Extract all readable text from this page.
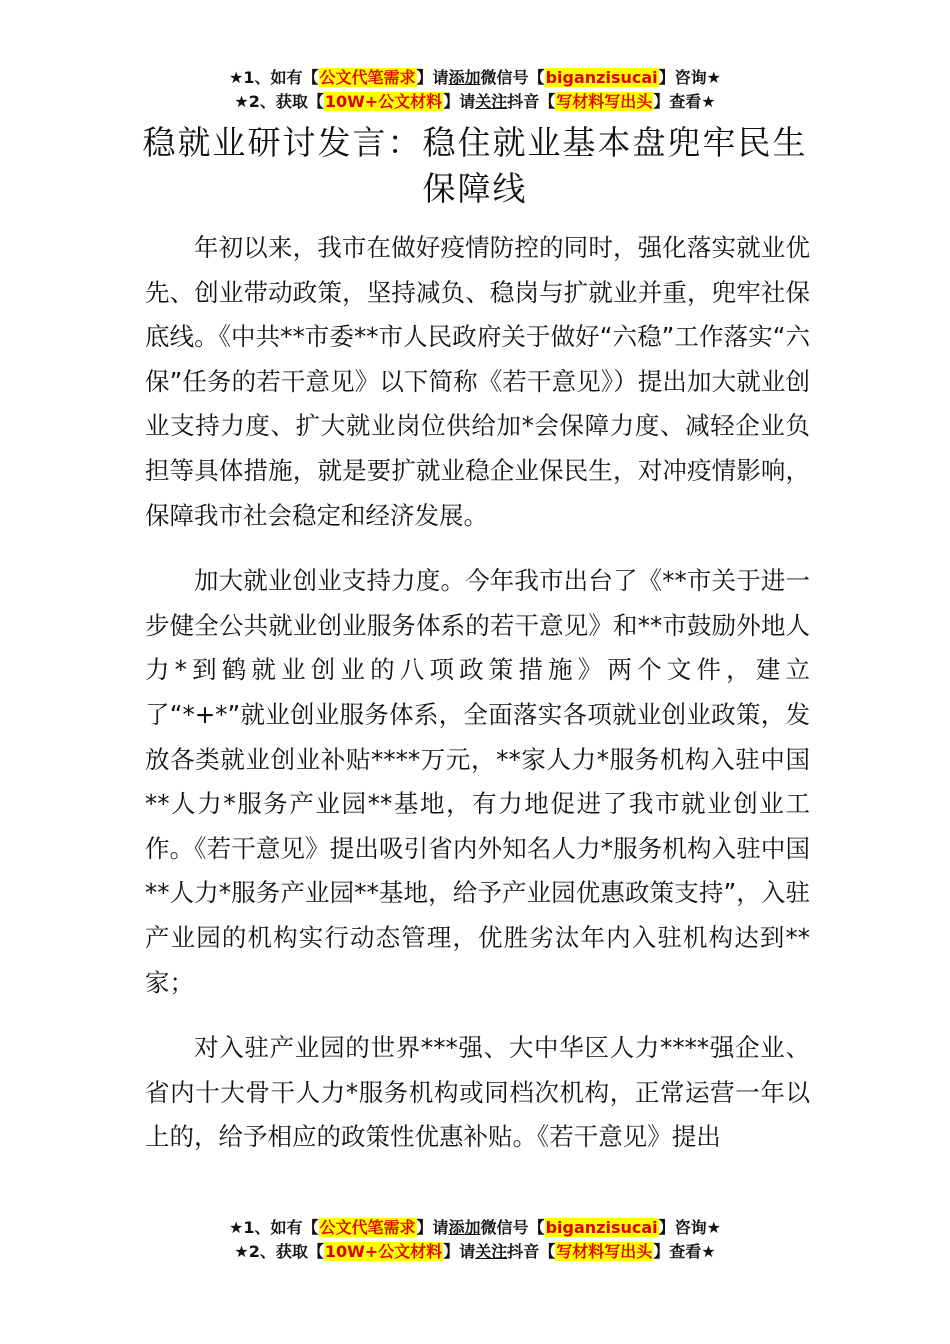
★1、如有【公文代笔需求】请添加微信号【biganzisucai】咨询★
★2、获取【10W+公文材料】请关注抖音【写材料写出头】查看★
稳就业研讨发言：稳住就业基本盘兜牢民生保障线

年初以来，我市在做好疫情防控的同时，强化落实就业优先、创业带动政策，坚持减负、稳岗与扩就业并重，兜牢社保底线。《中共**市委**市人民政府关于做好“六稳”工作落实“六保”任务的若干意见》以下简称《若干意见》）提出加大就业创业支持力度、扩大就业岗位供给加*会保障力度、减轻企业负担等具体措施，就是要扩就业稳企业保民生，对冲疫情影响，保障我市社会稳定和经济发展。

加大就业创业支持力度。今年我市出台了《**市关于进一步健全公共就业创业服务体系的若干意见》和**市鼓励外地人力*到鹤就业创业的八项政策措施》两个文件，建立了“*+*”就业创业服务体系，全面落实各项就业创业政策，发放各类就业创业补贴****万元，**家人力*服务机构入驻中国**人力*服务产业园**基地，有力地促进了我市就业创业工作。《若干意见》提出吸引省内外知名人力*服务机构入驻中国**人力*服务产业园**基地，给予产业园优惠政策支持”，入驻产业园的机构实行动态管理，优胜劣汰年内入驻机构达到**家；

对入驻产业园的世界***强、大中华区人力****强企业、省内十大骨干人力*服务机构或同档次机构，正常运营一年以上的，给予相应的政策性优惠补贴。《若干意见》提出

★1、如有【公文代笔需求】请添加微信号【biganzisucai】咨询★
★2、获取【10W+公文材料】请关注抖音【写材料写出头】查看★
